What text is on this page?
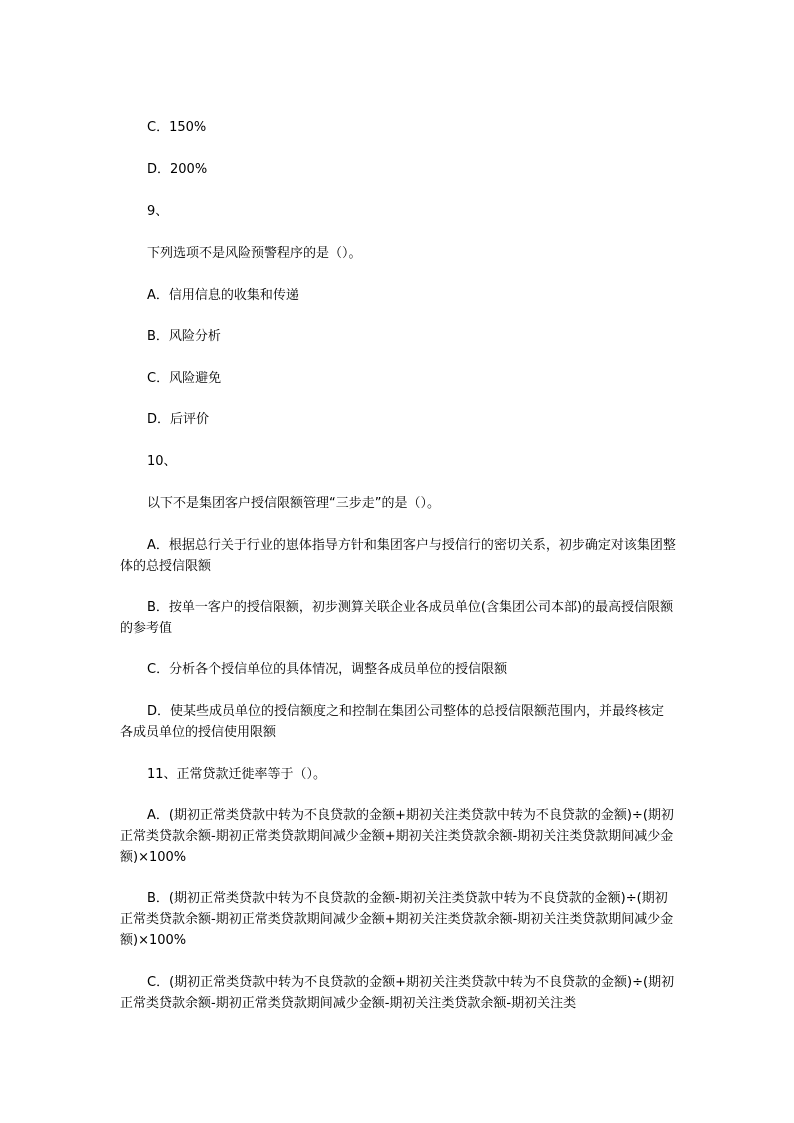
C．150%

D．200%

9、

下列选项不是风险预警程序的是（）。

A．信用信息的收集和传递

B．风险分析

C．风险避免

D．后评价

10、

以下不是集团客户授信限额管理“三步走”的是（）。

A．根据总行关于行业的崽体指导方针和集团客户与授信行的密切关系，初步确定对该集团整体的总授信限额

B．按单一客户的授信限额，初步测算关联企业各成员单位(含集团公司本部)的最高授信限额的参考值

C．分析各个授信单位的具体情况，调整各成员单位的授信限额

D．使某些成员单位的授信额度之和控制在集团公司整体的总授信限额范围内，并最终核定各成员单位的授信使用限额

11、正常贷款迁徙率等于（）。

A．(期初正常类贷款中转为不良贷款的金额+期初关注类贷款中转为不良贷款的金额)÷(期初正常类贷款余额-期初正常类贷款期间减少金额+期初关注类贷款余额-期初关注类贷款期间减少金额)×100%

B．(期初正常类贷款中转为不良贷款的金额-期初关注类贷款中转为不良贷款的金额)÷(期初正常类贷款余额-期初正常类贷款期间减少金额+期初关注类贷款余额-期初关注类贷款期间减少金额)×100%

C．(期初正常类贷款中转为不良贷款的金额+期初关注类贷款中转为不良贷款的金额)÷(期初正常类贷款余额-期初正常类贷款期间减少金额-期初关注类贷款余额-期初关注类
